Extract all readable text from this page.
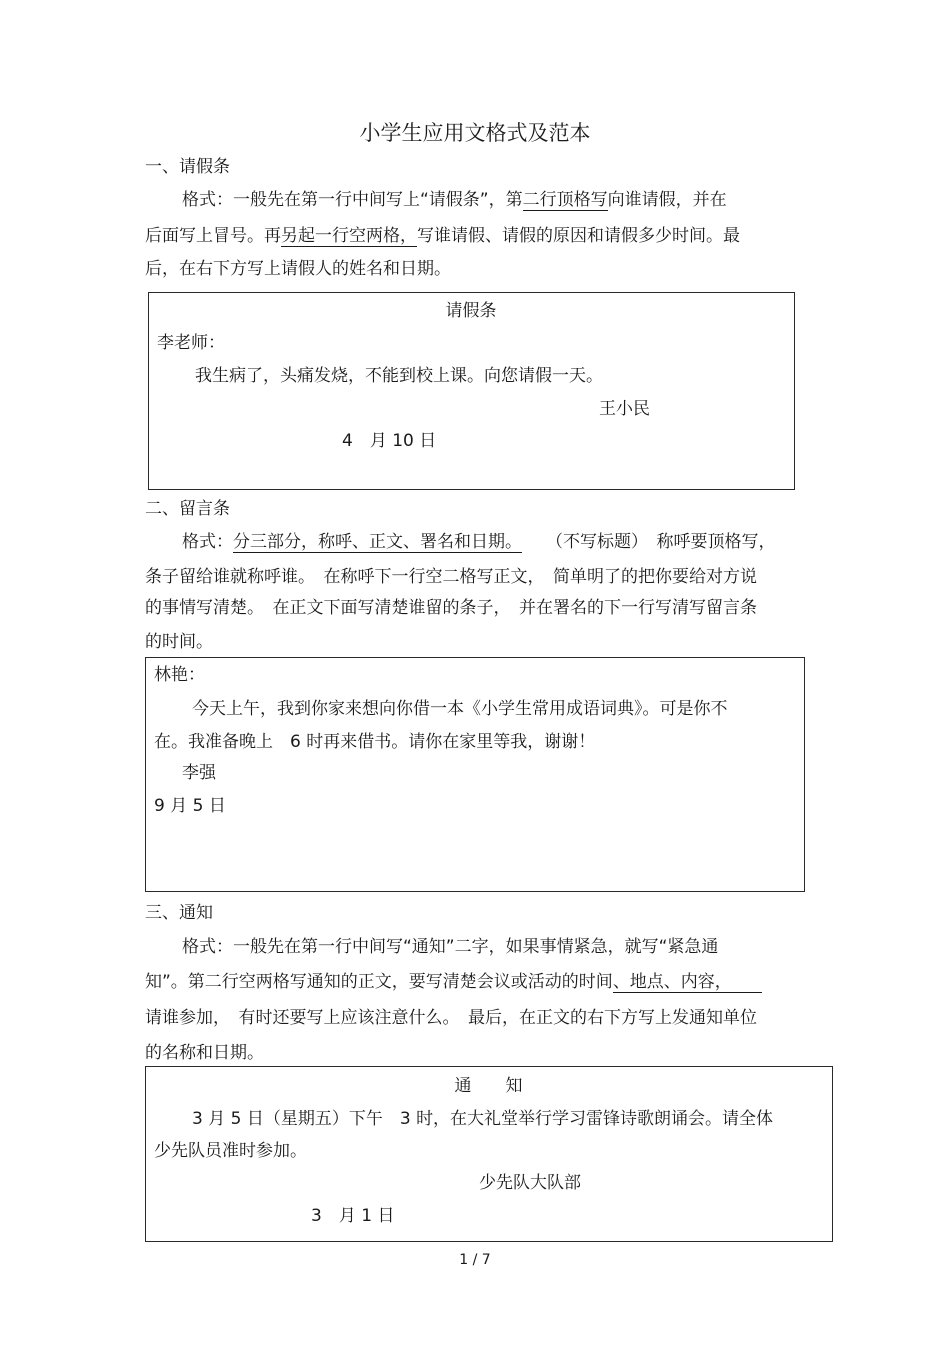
小学生应用文格式及范本
一、请假条
格式：一般先在第一行中间写上“请假条”，第二行顶格写向谁请假，并在
后面写上冒号。再另起一行空两格，写谁请假、请假的原因和请假多少时间。最
后，在右下方写上请假人的姓名和日期。
请假条
李老师：
我生病了，头痛发烧，不能到校上课。向您请假一天。
王小民
4　月 10 日
二、留言条
格式：分三部分，称呼、正文、署名和日期。 （不写标题）　称呼要顶格写，
条子留给谁就称呼谁。　在称呼下一行空二格写正文，　简单明了的把你要给对方说
的事情写清楚。　在正文下面写清楚谁留的条子，　并在署名的下一行写清写留言条
的时间。
林艳：
今天上午，我到你家来想向你借一本《小学生常用成语词典》。可是你不
在。我准备晚上　6 时再来借书。请你在家里等我，谢谢！
李强
9 月 5 日
三、通知
格式：一般先在第一行中间写“通知”二字，如果事情紧急，就写“紧急通
知”。第二行空两格写通知的正文，要写清楚会议或活动的时间、地点、内容，
请谁参加，　有时还要写上应该注意什么。　最后，在正文的右下方写上发通知单位
的名称和日期。
通　　知
3 月 5 日（星期五）下午　3 时，在大礼堂举行学习雷锋诗歌朗诵会。请全体
少先队员准时参加。
少先队大队部
3　月 1 日
1 / 7
